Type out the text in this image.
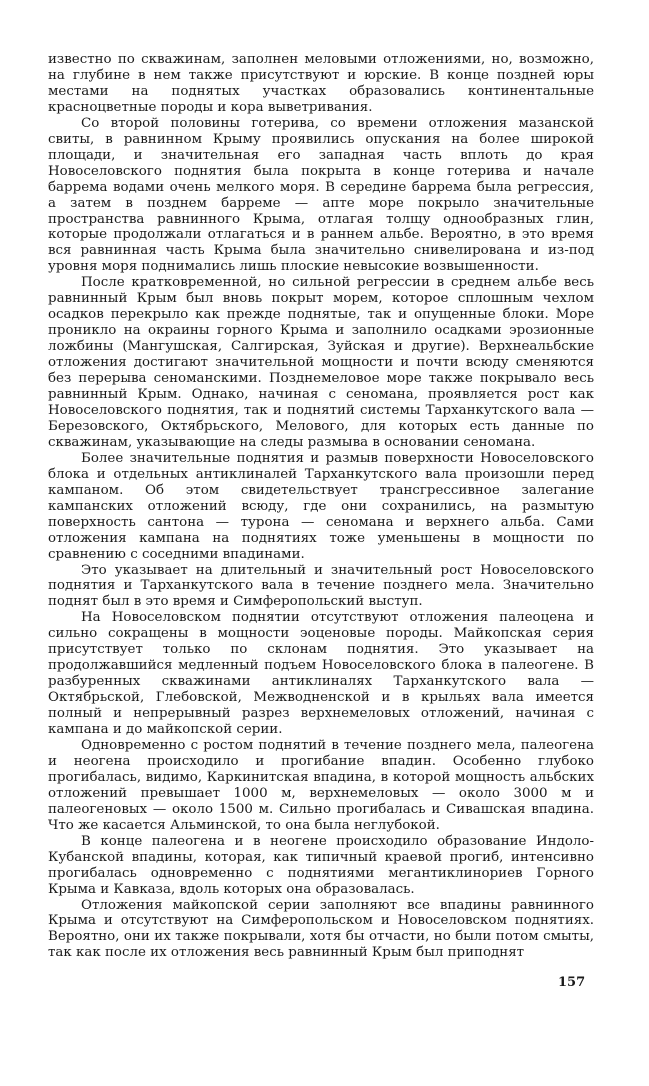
известно по скважинам, заполнен меловыми отложениями, но, возможно, на глубине в нем также присутствуют и юрские. В конце поздней юры местами на поднятых участках образовались континентальные красноцветные породы и кора выветривания.

Со второй половины готерива, со времени отложения мазанской свиты, в равнинном Крыму проявились опускания на более широкой площади, и значительная его западная часть вплоть до края Новоселовского поднятия была покрыта в конце готерива и начале баррема водами очень мелкого моря. В середине баррема была регрессия, а затем в позднем барреме — апте море покрыло значительные пространства равнинного Крыма, отлагая толщу однообразных глин, которые продолжали отлагаться и в раннем альбе. Вероятно, в это время вся равнинная часть Крыма была значительно снивелирована и из-под уровня моря поднимались лишь плоские невысокие возвышенности.

После кратковременной, но сильной регрессии в среднем альбе весь равнинный Крым был вновь покрыт морем, которое сплошным чехлом осадков перекрыло как прежде поднятые, так и опущенные блоки. Море проникло на окраины горного Крыма и заполнило осадками эрозионные ложбины (Мангушская, Салгирская, Зуйская и другие). Верхнеальбские отложения достигают значительной мощности и почти всюду сменяются без перерыва сеноманскими. Позднемеловое море также покрывало весь равнинный Крым. Однако, начиная с сеномана, проявляется рост как Новоселовского поднятия, так и поднятий системы Тарханкутского вала — Березовского, Октябрьского, Мелового, для которых есть данные по скважинам, указывающие на следы размыва в основании сеномана.

Более значительные поднятия и размыв поверхности Новоселовского блока и отдельных антиклиналей Тарханкутского вала произошли перед кампаном. Об этом свидетельствует трансгрессивное залегание кампанских отложений всюду, где они сохранились, на размытую поверхность сантона — турона — сеномана и верхнего альба. Сами отложения кампана на поднятиях тоже уменьшены в мощности по сравнению с соседними впадинами.

Это указывает на длительный и значительный рост Новоселовского поднятия и Тарханкутского вала в течение позднего мела. Значительно поднят был в это время и Симферопольский выступ.

На Новоселовском поднятии отсутствуют отложения палеоцена и сильно сокращены в мощности эоценовые породы. Майкопская серия присутствует только по склонам поднятия. Это указывает на продолжавшийся медленный подъем Новоселовского блока в палеогене. В разбуренных скважинами антиклиналях Тарханкутского вала — Октябрьской, Глебовской, Межводненской и в крыльях вала имеется полный и непрерывный разрез верхнемеловых отложений, начиная с кампана и до майкопской серии.

Одновременно с ростом поднятий в течение позднего мела, палеогена и неогена происходило и прогибание впадин. Особенно глубоко прогибалась, видимо, Каркинитская впадина, в которой мощность альбских отложений превышает 1000 м, верхнемеловых — около 3000 м и палеогеновых — около 1500 м. Сильно прогибалась и Сивашская впадина. Что же касается Альминской, то она была неглубокой.

В конце палеогена и в неогене происходило образование Индоло-Кубанской впадины, которая, как типичный краевой прогиб, интенсивно прогибалась одновременно с поднятиями мегантиклинориев Горного Крыма и Кавказа, вдоль которых она образовалась.

Отложения майкопской серии заполняют все впадины равнинного Крыма и отсутствуют на Симферопольском и Новоселовском поднятиях. Вероятно, они их также покрывали, хотя бы отчасти, но были потом смыты, так как после их отложения весь равнинный Крым был приподнят

157
